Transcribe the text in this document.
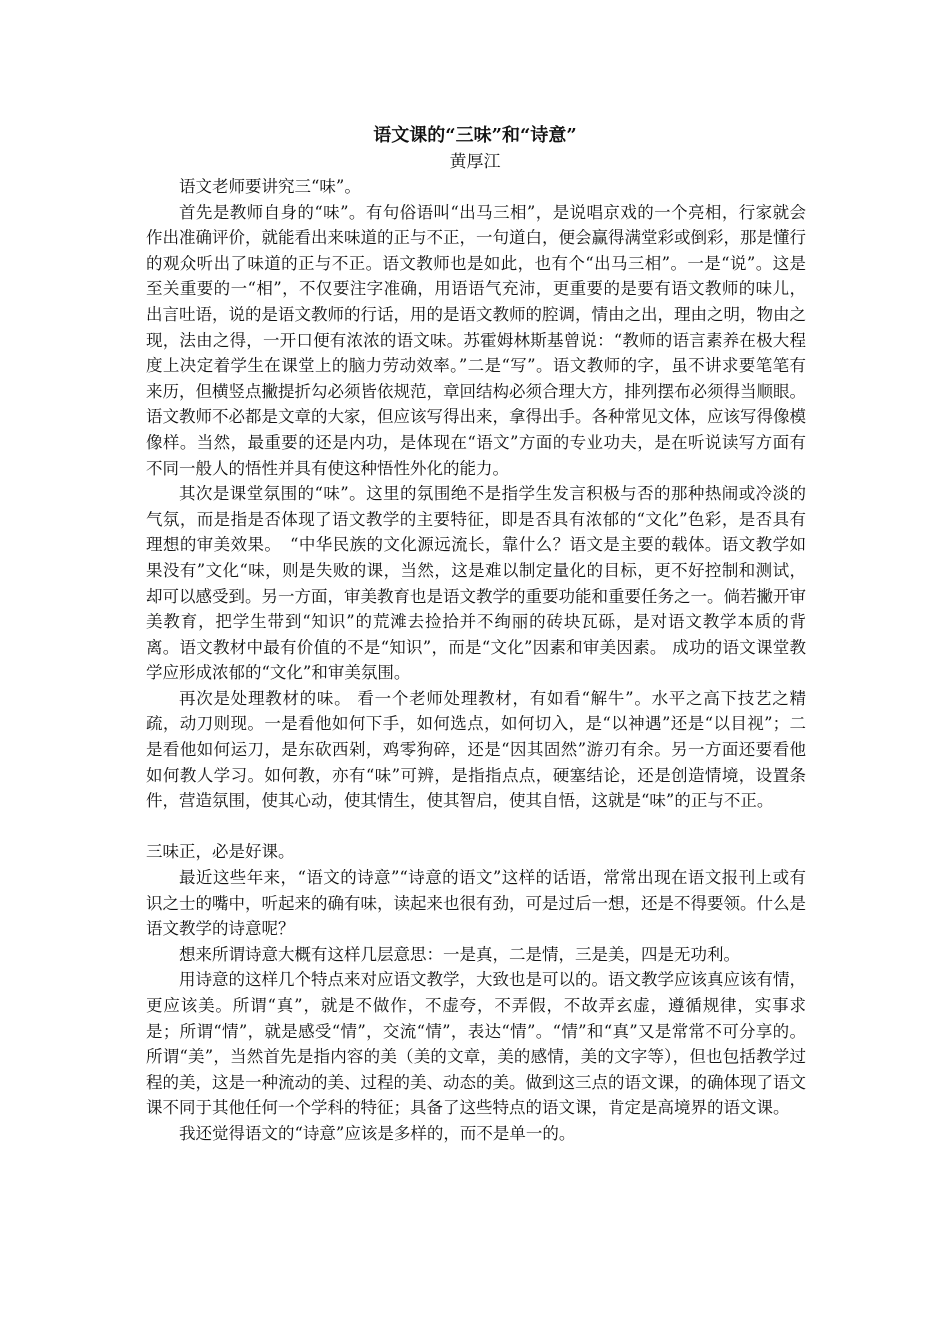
语文课的“三味”和“诗意”
黄厚江

语文老师要讲究三“味”。

首先是教师自身的“味”。有句俗语叫“出马三相”，是说唱京戏的一个亮相，行家就会作出准确评价，就能看出来味道的正与不正，一句道白，便会赢得满堂彩或倒彩，那是懂行的观众听出了味道的正与不正。语文教师也是如此，也有个“出马三相”。一是“说”。这是至关重要的一“相”，不仅要注字准确，用语语气充沛，更重要的是要有语文教师的味儿，出言吐语，说的是语文教师的行话，用的是语文教师的腔调，情由之出，理由之明，物由之现，法由之得，一开口便有浓浓的语文味。苏霍姆林斯基曾说：“教师的语言素养在极大程度上决定着学生在课堂上的脑力劳动效率。”二是“写”。语文教师的字，虽不讲求要笔笔有来历，但横竖点撇提折勾必须皆依规范，章回结构必须合理大方，排列摆布必须得当顺眼。语文教师不必都是文章的大家，但应该写得出来，拿得出手。各种常见文体，应该写得像模像样。当然，最重要的还是内功，是体现在“语文”方面的专业功夫，是在听说读写方面有不同一般人的悟性并具有使这种悟性外化的能力。

其次是课堂氛围的“味”。这里的氛围绝不是指学生发言积极与否的那种热闹或冷淡的气氛，而是指是否体现了语文教学的主要特征，即是否具有浓郁的“文化”色彩，是否具有理想的审美效果。　“中华民族的文化源远流长，靠什么？语文是主要的载体。语文教学如果没有”文化“味，则是失败的课，当然，这是难以制定量化的目标，更不好控制和测试，却可以感受到。另一方面，审美教育也是语文教学的重要功能和重要任务之一。倘若撇开审美教育，把学生带到“知识”的荒滩去捡拾并不绚丽的砖块瓦砾，是对语文教学本质的背离。语文教材中最有价值的不是“知识”，而是“文化”因素和审美因素。 成功的语文课堂教学应形成浓郁的“文化”和审美氛围。

再次是处理教材的味。 看一个老师处理教材，有如看“解牛”。水平之高下技艺之精疏，动刀则现。一是看他如何下手，如何选点，如何切入，是“以神遇”还是“以目视”；二是看他如何运刀，是东砍西剁，鸡零狗碎，还是“因其固然”游刃有余。另一方面还要看他如何教人学习。如何教，亦有“味”可辨，是指指点点，硬塞结论，还是创造情境，设置条件，营造氛围，使其心动，使其情生，使其智启，使其自悟，这就是“味”的正与不正。

三味正，必是好课。

最近这些年来，“语文的诗意”“诗意的语文”这样的话语，常常出现在语文报刊上或有识之士的嘴中，听起来的确有味，读起来也很有劲，可是过后一想，还是不得要领。什么是语文教学的诗意呢？

想来所谓诗意大概有这样几层意思：一是真，二是情，三是美，四是无功利。

用诗意的这样几个特点来对应语文教学，大致也是可以的。语文教学应该真应该有情，更应该美。所谓“真”，就是不做作，不虚夸，不弄假，不故弄玄虚，遵循规律，实事求是；所谓“情”，就是感受“情”，交流“情”，表达“情”。“情”和“真”又是常常不可分享的。所谓“美”，当然首先是指内容的美（美的文章，美的感情，美的文字等），但也包括教学过程的美，这是一种流动的美、过程的美、动态的美。做到这三点的语文课，的确体现了语文课不同于其他任何一个学科的特征；具备了这些特点的语文课，肯定是高境界的语文课。

我还觉得语文的“诗意”应该是多样的，而不是单一的。
